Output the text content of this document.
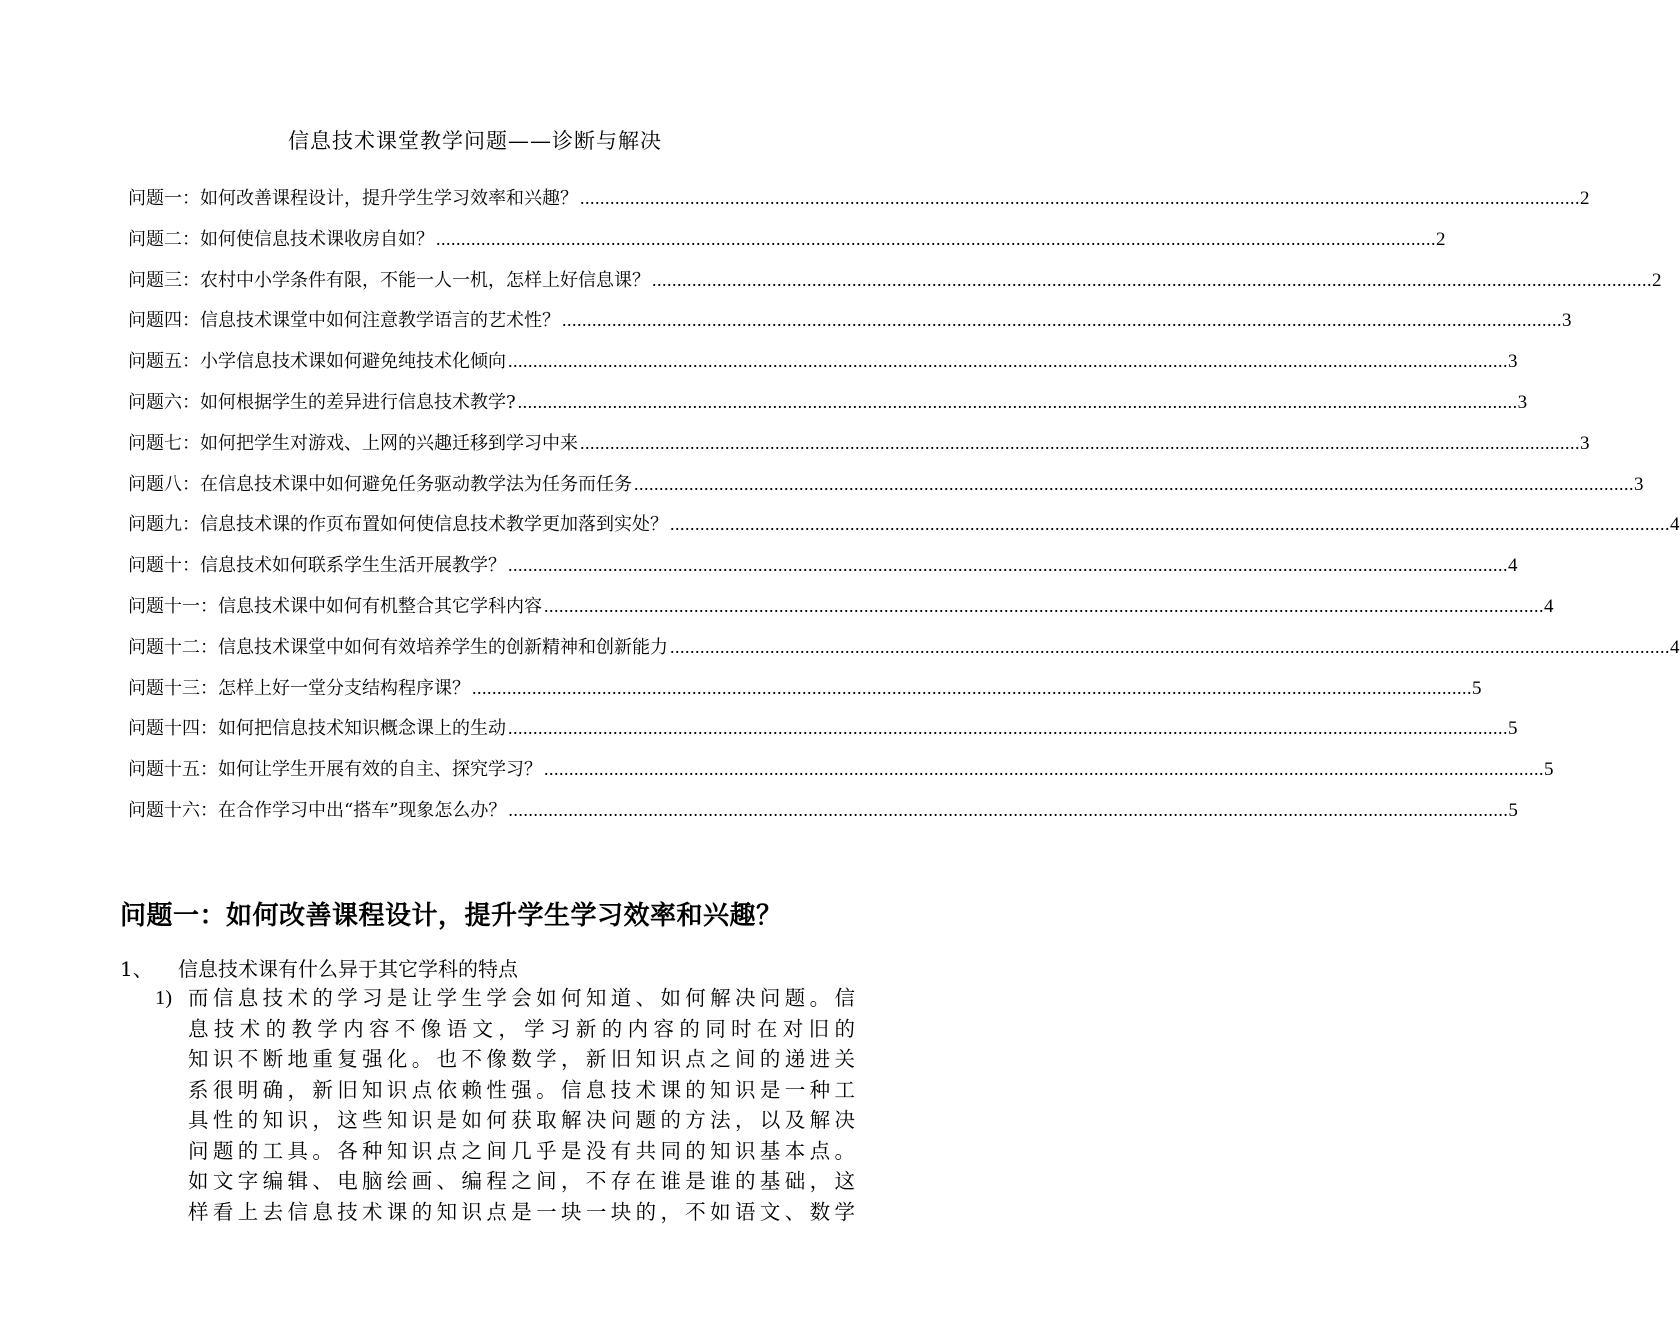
信息技术课堂教学问题——诊断与解决
问题一：如何改善课程设计，提升学生学习效率和兴趣？ ........................................................................................................................................................................................................ 2
问题二：如何使信息技术课收房自如？ ........................................................................................................................................................................................................ 2
问题三：农村中小学条件有限，不能一人一机，怎样上好信息课？ ........................................................................................................................................................................................................ 2
问题四：信息技术课堂中如何注意教学语言的艺术性？ ........................................................................................................................................................................................................ 3
问题五：小学信息技术课如何避免纯技术化倾向 ........................................................................................................................................................................................................ 3
问题六：如何根据学生的差异进行信息技术教学? ........................................................................................................................................................................................................ 3
问题七：如何把学生对游戏、上网的兴趣迁移到学习中来 ........................................................................................................................................................................................................ 3
问题八：在信息技术课中如何避免任务驱动教学法为任务而任务 ........................................................................................................................................................................................................ 3
问题九：信息技术课的作页布置如何使信息技术教学更加落到实处？ ........................................................................................................................................................................................................ 4
问题十：信息技术如何联系学生生活开展教学？ ........................................................................................................................................................................................................ 4
问题十一：信息技术课中如何有机整合其它学科内容 ........................................................................................................................................................................................................ 4
问题十二：信息技术课堂中如何有效培养学生的创新精神和创新能力 ........................................................................................................................................................................................................ 4
问题十三：怎样上好一堂分支结构程序课？ ........................................................................................................................................................................................................ 5
问题十四：如何把信息技术知识概念课上的生动 ........................................................................................................................................................................................................ 5
问题十五：如何让学生开展有效的自主、探究学习？ ........................................................................................................................................................................................................ 5
问题十六：在合作学习中出“搭车”现象怎么办？ ........................................................................................................................................................................................................ 5
问题一：如何改善课程设计，提升学生学习效率和兴趣？
1、 信息技术课有什么异于其它学科的特点
1) 而信息技术的学习是让学生学会如何知道、如何解决问题。信
息技术的教学内容不像语文，学习新的内容的同时在对旧的
知识不断地重复强化。也不像数学，新旧知识点之间的递进关
系很明确，新旧知识点依赖性强。信息技术课的知识是一种工
具性的知识，这些知识是如何获取解决问题的方法，以及解决
问题的工具。各种知识点之间几乎是没有共同的知识基本点。
如文字编辑、电脑绘画、编程之间，不存在谁是谁的基础，这
样看上去信息技术课的知识点是一块一块的，不如语文、数学
